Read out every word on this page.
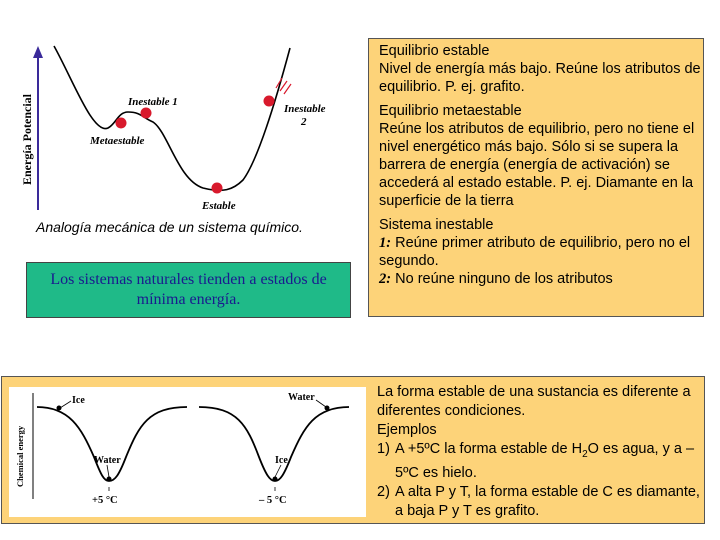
Energía Potencial	Inestable 1
Metaestable
Estable
Inestable
2
Analogía mecánica de un sistema químico.
Los sistemas naturales tienden a estados de mínima energía.

Equilibrio estable
Nivel de energía más bajo. Reúne los atributos de equilibrio. P. ej. grafito.

Equilibrio metaestable
Reúne los atributos de equilibrio, pero no tiene el nivel energético más bajo. Sólo si se supera la barrera de energía (energía de activación) se accederá al estado estable. P. ej. Diamante en la superficie de la tierra

Sistema inestable
1: Reúne primer atributo de equilibrio, pero no el segundo.
2: No reúne ninguno de los atributos

Chemical energy
Ice
Water
+5 °C
Water
Ice
– 5 °C
La forma estable de una sustancia es diferente a diferentes condiciones.
Ejemplos
1) A +5ºC la forma estable de $H_2O$ es agua, y a –5ºC es hielo.
2) A alta P y T, la forma estable de C es diamante, a baja P y T es grafito.
